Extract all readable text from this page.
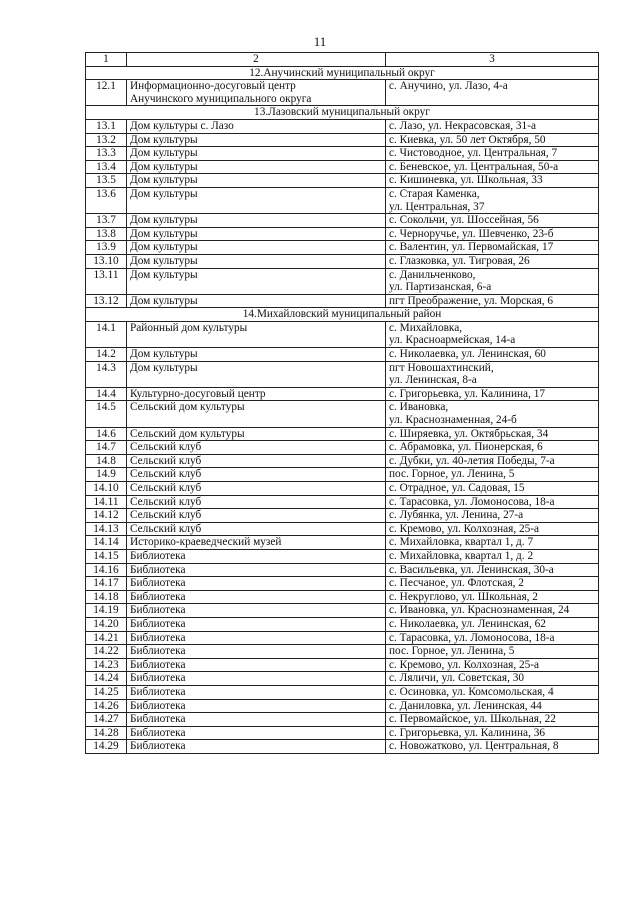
11
1	2	3
12.Анучинский муниципальный округ		
12.1	Информационно-досуговый центр
Анучинского муниципального округа	с. Анучино, ул. Лазо, 4-а

13.Лазовский муниципальный округ		
13.1	Дом культуры с. Лазо	с. Лазо, ул. Некрасовская, 31-а

13.2	Дом культуры	с. Киевка, ул. 50 лет Октября, 50

13.3	Дом культуры	с. Чистоводное, ул. Центральная, 7

13.4	Дом культуры	с. Беневское, ул. Центральная, 50-а

13.5	Дом культуры	с. Кишиневка, ул. Школьная, 33

13.6	Дом культуры	с. Старая Каменка,
ул. Центральная, 37

13.7	Дом культуры	с. Сокольчи, ул. Шоссейная, 56

13.8	Дом культуры	с. Черноручье, ул. Шевченко, 23-б

13.9	Дом культуры	с. Валентин, ул. Первомайская, 17

13.10	Дом культуры	с. Глазковка, ул. Тигровая, 26

13.11	Дом культуры	с. Данильченково,
ул. Партизанская, 6-а

13.12	Дом культуры	пгт Преображение, ул. Морская, 6

14.Михайловский муниципальный район		
14.1	Районный дом культуры	с. Михайловка,
ул. Красноармейская, 14-а

14.2	Дом культуры	с. Николаевка, ул. Ленинская, 60

14.3	Дом культуры	пгт Новошахтинский,
ул. Ленинская, 8-а

14.4	Культурно-досуговый центр	с. Григорьевка, ул. Калинина, 17

14.5	Сельский дом культуры	с. Ивановка,
ул. Краснознаменная, 24-б

14.6	Сельский дом культуры	с. Ширяевка, ул. Октябрьская, 34

14.7	Сельский клуб	с. Абрамовка, ул. Пионерская, 6

14.8	Сельский клуб	с. Дубки, ул. 40-летия Победы, 7-а

14.9	Сельский клуб	пос. Горное, ул. Ленина, 5

14.10	Сельский клуб	с. Отрадное, ул. Садовая, 15

14.11	Сельский клуб	с. Тарасовка, ул. Ломоносова, 18-а

14.12	Сельский клуб	с. Лубянка, ул. Ленина, 27-а

14.13	Сельский клуб	с. Кремово, ул. Колхозная, 25-а

14.14	Историко-краеведческий музей	с. Михайловка, квартал 1, д. 7

14.15	Библиотека	с. Михайловка, квартал 1, д. 2

14.16	Библиотека	с. Васильевка, ул. Ленинская, 30-а

14.17	Библиотека	с. Песчаное, ул. Флотская, 2

14.18	Библиотека	с. Некруглово, ул. Школьная, 2

14.19	Библиотека	с. Ивановка, ул. Краснознаменная, 24

14.20	Библиотека	с. Николаевка, ул. Ленинская, 62

14.21	Библиотека	с. Тарасовка, ул. Ломоносова, 18-а

14.22	Библиотека	пос. Горное, ул. Ленина, 5

14.23	Библиотека	с. Кремово, ул. Колхозная, 25-а

14.24	Библиотека	с. Ляличи, ул. Советская, 30

14.25	Библиотека	с. Осиновка, ул. Комсомольская, 4

14.26	Библиотека	с. Даниловка, ул. Ленинская, 44

14.27	Библиотека	с. Первомайское, ул. Школьная, 22

14.28	Библиотека	с. Григорьевка, ул. Калинина, 36

14.29	Библиотека	с. Новожатково, ул. Центральная, 8
